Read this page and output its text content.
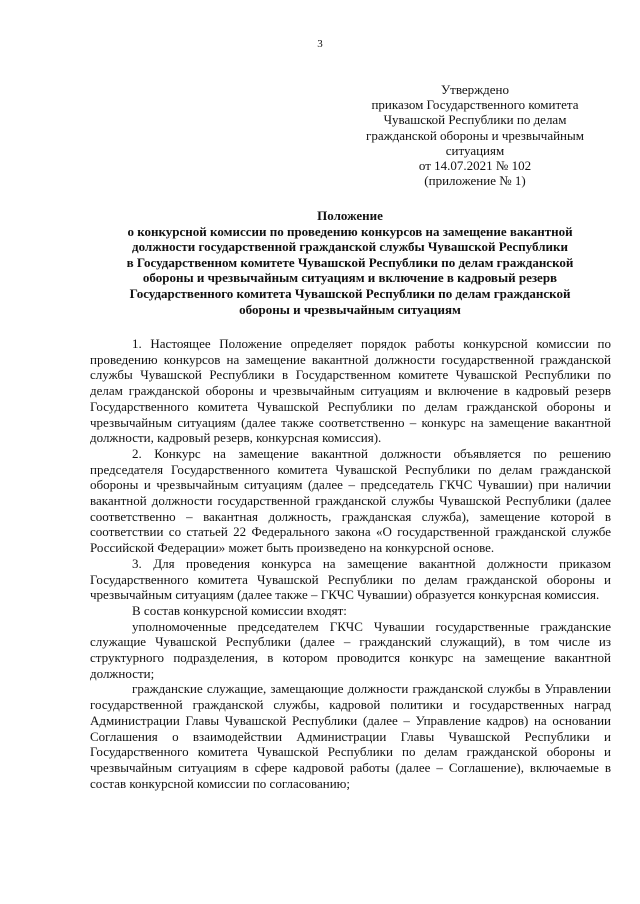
3
Утверждено
приказом Государственного комитета
Чувашской Республики по делам
гражданской обороны и чрезвычайным
ситуациям
от 14.07.2021 № 102
(приложение № 1)
Положение
о конкурсной комиссии по проведению конкурсов на замещение вакантной
должности государственной гражданской службы Чувашской Республики
в Государственном комитете Чувашской Республики по делам гражданской
обороны и чрезвычайным ситуациям и включение в кадровый резерв
Государственного комитета Чувашской Республики по делам гражданской
обороны и чрезвычайным ситуациям

1. Настоящее Положение определяет порядок работы конкурсной комиссии по проведению конкурсов на замещение вакантной должности государственной гражданской службы Чувашской Республики в Государственном комитете Чувашской Республики по делам гражданской обороны и чрезвычайным ситуациям и включение в кадровый резерв Государственного комитета Чувашской Республики по делам гражданской обороны и чрезвычайным ситуациям (далее также соответственно – конкурс на замещение вакантной должности, кадровый резерв, конкурсная комиссия).

2. Конкурс на замещение вакантной должности объявляется по решению председателя Государственного комитета Чувашской Республики по делам гражданской обороны и чрезвычайным ситуациям (далее – председатель ГКЧС Чувашии) при наличии вакантной должности государственной гражданской службы Чувашской Республики (далее соответственно – вакантная должность, гражданская служба), замещение которой в соответствии со статьей 22 Федерального закона «О государственной гражданской службе Российской Федерации» может быть произведено на конкурсной основе.

3. Для проведения конкурса на замещение вакантной должности приказом Государственного комитета Чувашской Республики по делам гражданской обороны и чрезвычайным ситуациям (далее также – ГКЧС Чувашии) образуется конкурсная комиссия.

В состав конкурсной комиссии входят:

уполномоченные председателем ГКЧС Чувашии государственные гражданские служащие Чувашской Республики (далее – гражданский служащий), в том числе из структурного подразделения, в котором проводится конкурс на замещение вакантной должности;

гражданские служащие, замещающие должности гражданской службы в Управлении государственной гражданской службы, кадровой политики и государственных наград Администрации Главы Чувашской Республики (далее – Управление кадров) на основании Соглашения о взаимодействии Администрации Главы Чувашской Республики и Государственного комитета Чувашской Республики по делам гражданской обороны и чрезвычайным ситуациям в сфере кадровой работы (далее – Соглашение), включаемые в состав конкурсной комиссии по согласованию;
